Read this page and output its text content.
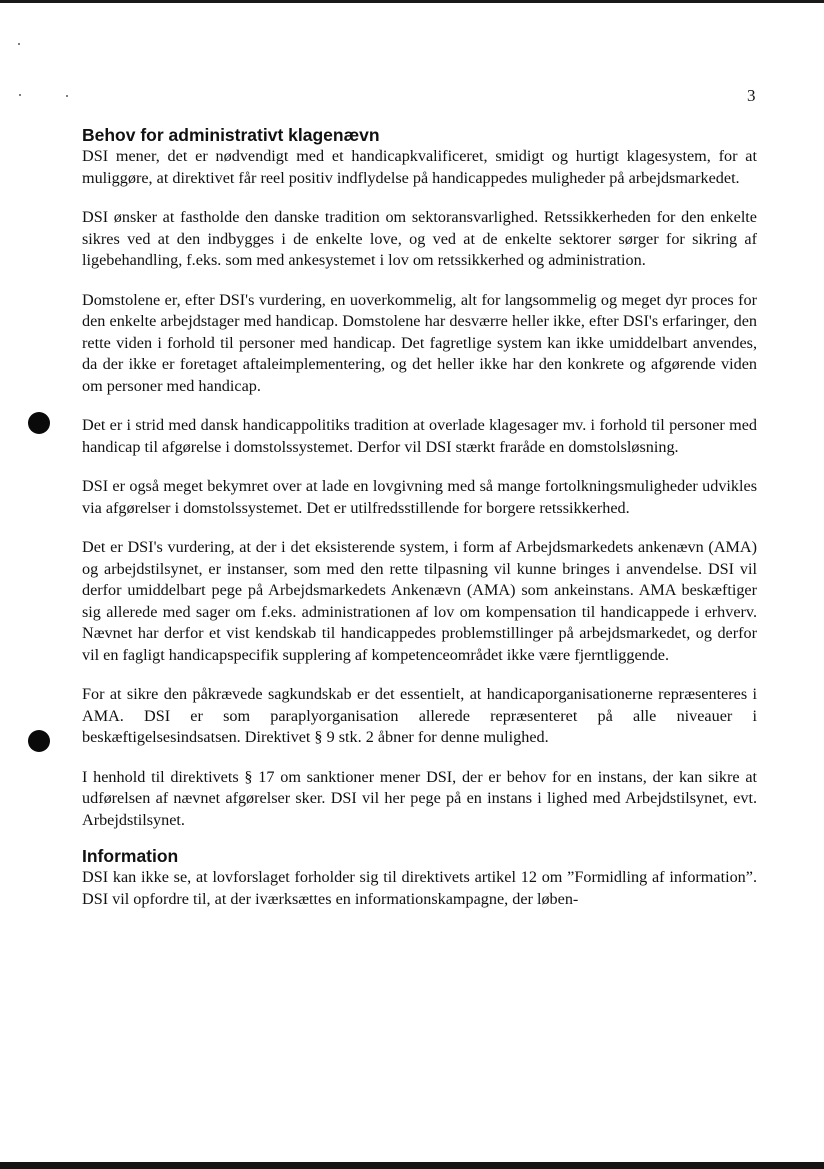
3
Behov for administrativt klagenævn

DSI mener, det er nødvendigt med et handicapkvalificeret, smidigt og hurtigt klagesystem, for at muliggøre, at direktivet får reel positiv indflydelse på handicappedes muligheder på arbejdsmarkedet.

DSI ønsker at fastholde den danske tradition om sektoransvarlighed. Retssikkerheden for den enkelte sikres ved at den indbygges i de enkelte love, og ved at de enkelte sektorer sørger for sikring af ligebehandling, f.eks. som med ankesystemet i lov om retssikkerhed og administration.

Domstolene er, efter DSI's vurdering, en uoverkommelig, alt for langsommelig og meget dyr proces for den enkelte arbejdstager med handicap. Domstolene har desværre heller ikke, efter DSI's erfaringer, den rette viden i forhold til personer med handicap. Det fagretlige system kan ikke umiddelbart anvendes, da der ikke er foretaget aftaleimplementering, og det heller ikke har den konkrete og afgørende viden om personer med handicap.

Det er i strid med dansk handicappolitiks tradition at overlade klagesager mv. i forhold til personer med handicap til afgørelse i domstolssystemet. Derfor vil DSI stærkt fraråde en domstolsløsning.

DSI er også meget bekymret over at lade en lovgivning med så mange fortolkningsmuligheder udvikles via afgørelser i domstolssystemet. Det er utilfredsstillende for borgere retssikkerhed.

Det er DSI's vurdering, at der i det eksisterende system, i form af Arbejdsmarkedets ankenævn (AMA) og arbejdstilsynet, er instanser, som med den rette tilpasning vil kunne bringes i anvendelse. DSI vil derfor umiddelbart pege på Arbejdsmarkedets Ankenævn (AMA) som ankeinstans. AMA beskæftiger sig allerede med sager om f.eks. administrationen af lov om kompensation til handicappede i erhverv. Nævnet har derfor et vist kendskab til handicappedes problemstillinger på arbejdsmarkedet, og derfor vil en fagligt handicapspecifik supplering af kompetenceområdet ikke være fjerntliggende.

For at sikre den påkrævede sagkundskab er det essentielt, at handicaporganisationerne repræsenteres i AMA. DSI er som paraplyorganisation allerede repræsenteret på alle niveauer i beskæftigelsesindsatsen. Direktivet § 9 stk. 2 åbner for denne mulighed.

I henhold til direktivets § 17 om sanktioner mener DSI, der er behov for en instans, der kan sikre at udførelsen af nævnet afgørelser sker. DSI vil her pege på en instans i lighed med Arbejdstilsynet, evt. Arbejdstilsynet.

Information

DSI kan ikke se, at lovforslaget forholder sig til direktivets artikel 12 om ”Formidling af information”. DSI vil opfordre til, at der iværksættes en informationskampagne, der løben-
